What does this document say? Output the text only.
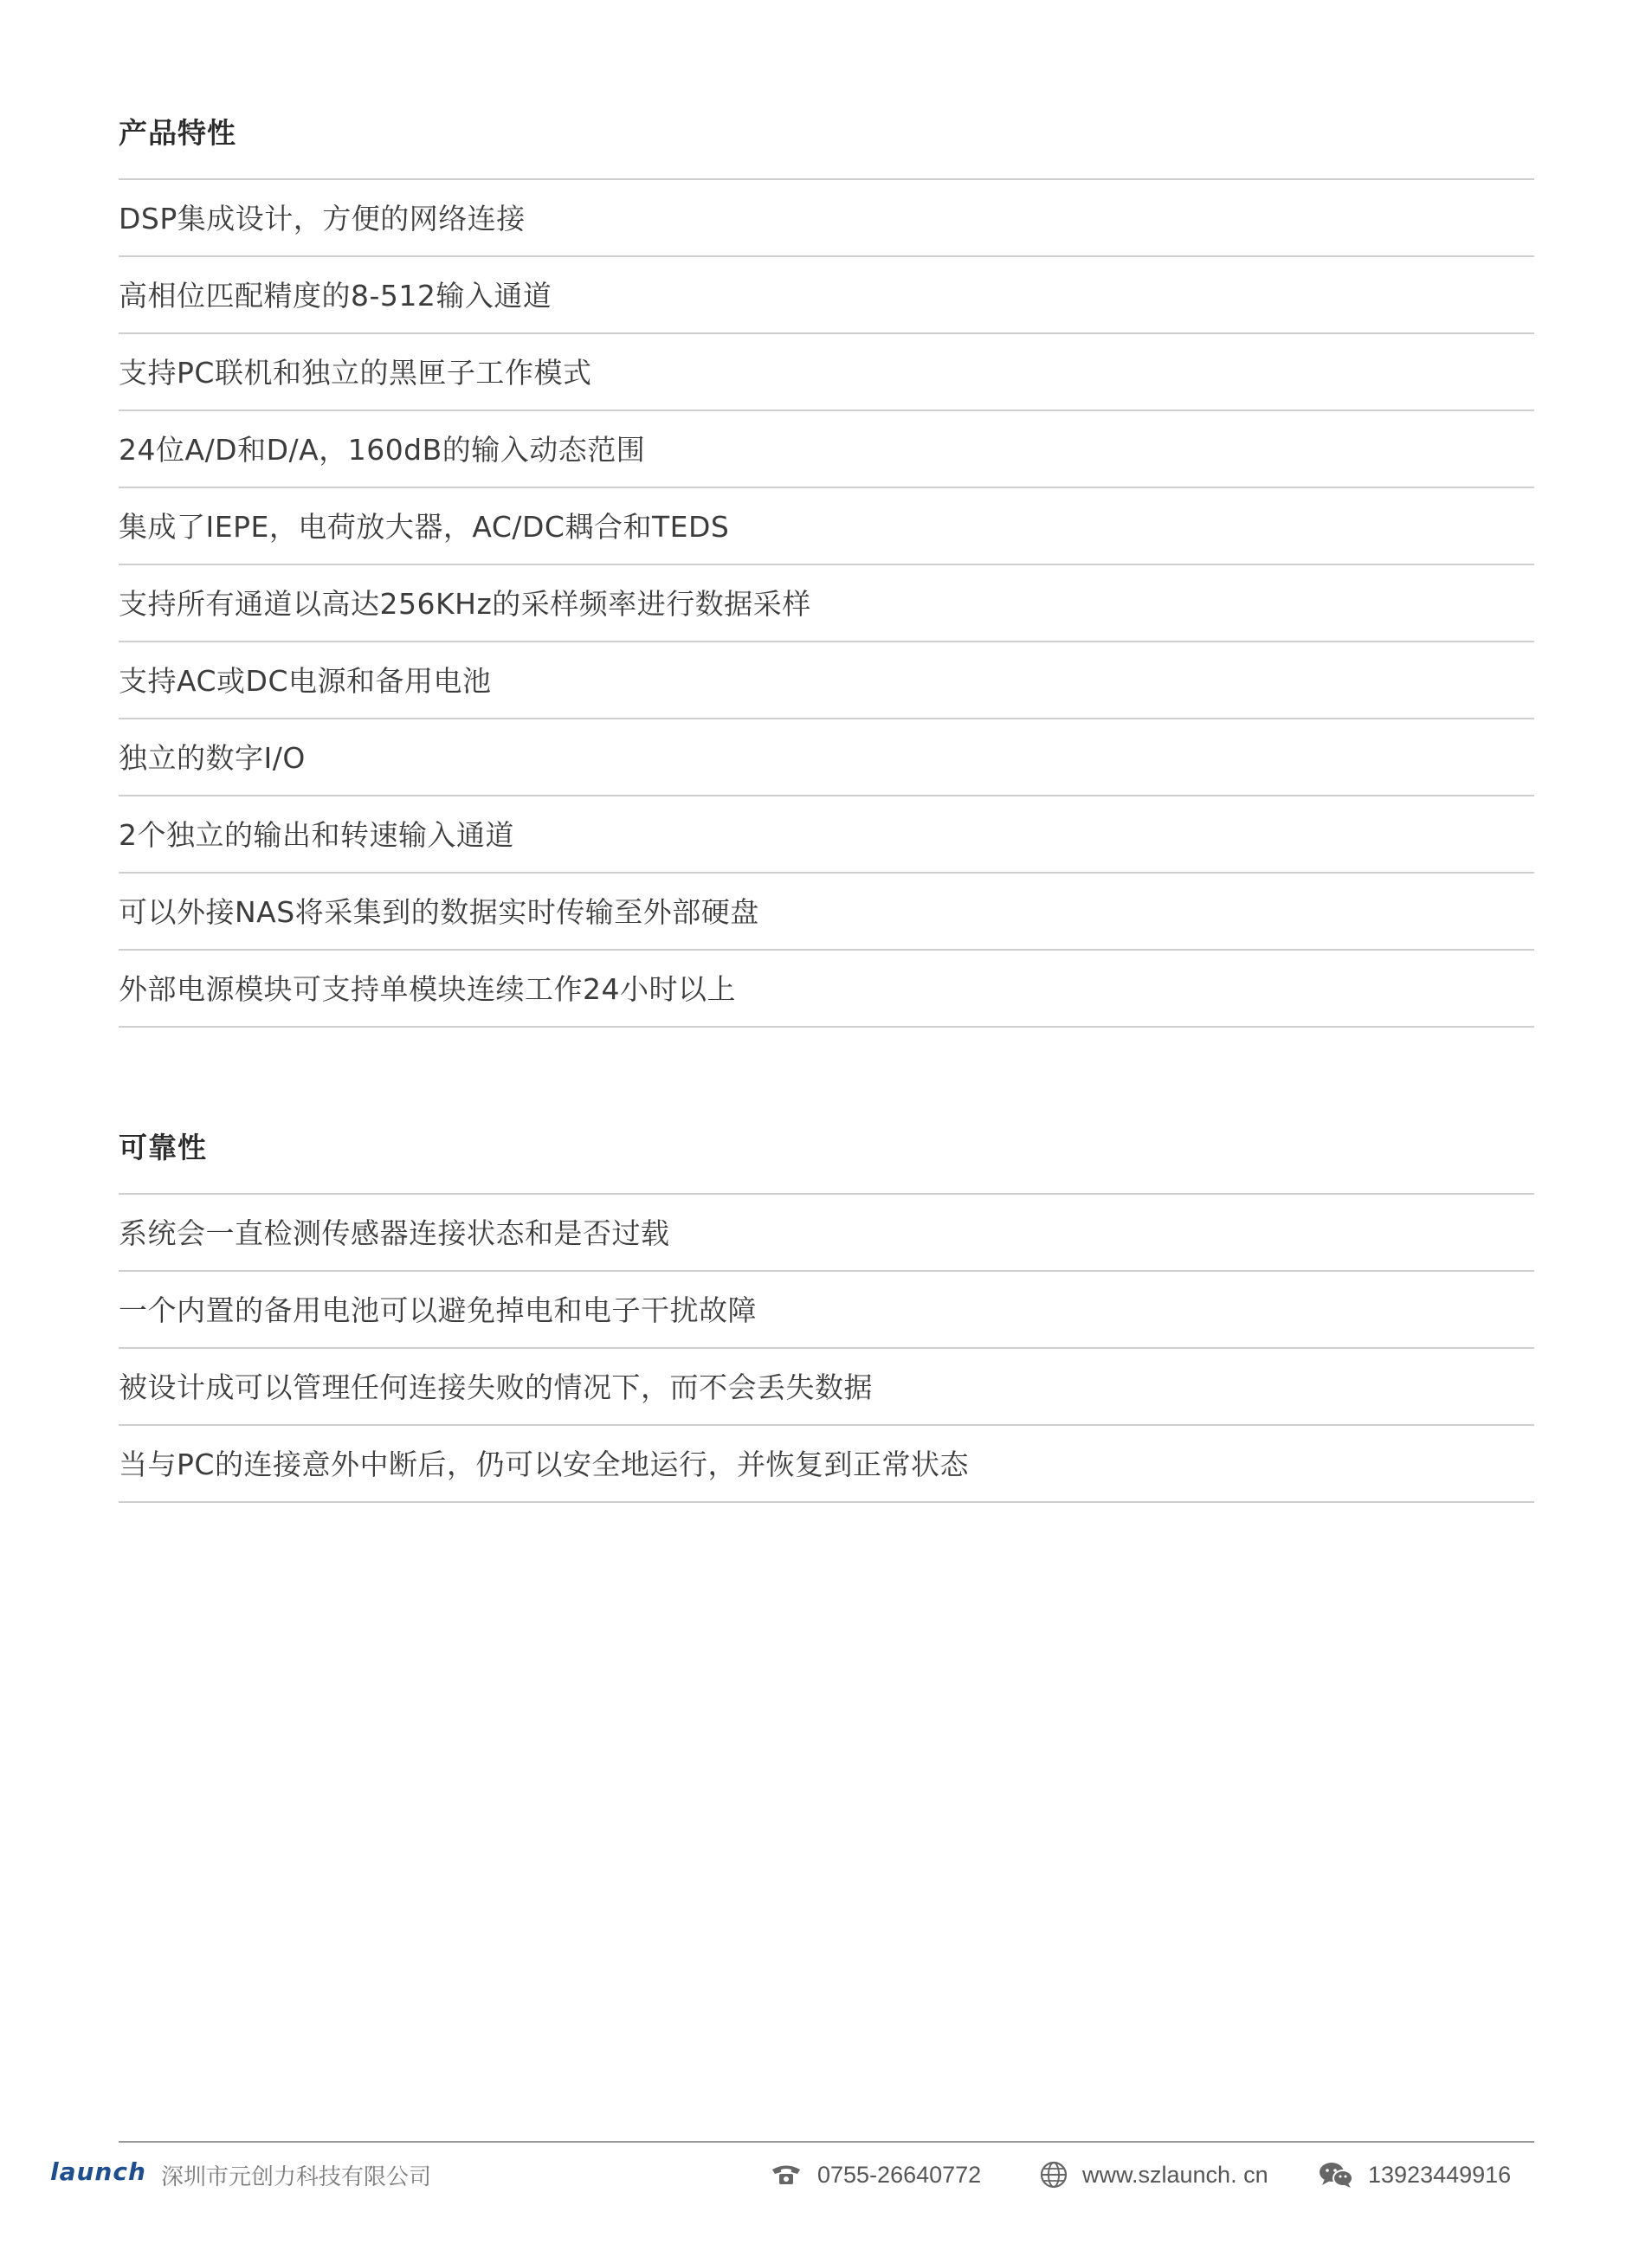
产品特性
DSP集成设计，方便的网络连接
高相位匹配精度的8-512输入通道
支持PC联机和独立的黑匣子工作模式
24位A/D和D/A，160dB的输入动态范围
集成了IEPE，电荷放大器，AC/DC耦合和TEDS
支持所有通道以高达256KHz的采样频率进行数据采样
支持AC或DC电源和备用电池
独立的数字I/O
2个独立的输出和转速输入通道
可以外接NAS将采集到的数据实时传输至外部硬盘
外部电源模块可支持单模块连续工作24小时以上
可靠性
系统会一直检测传感器连接状态和是否过载
一个内置的备用电池可以避免掉电和电子干扰故障
被设计成可以管理任何连接失败的情况下，而不会丢失数据
当与PC的连接意外中断后，仍可以安全地运行，并恢复到正常状态
launch 深圳市元创力科技有限公司	0755-26640772	www.szlaunch. cn	13923449916
